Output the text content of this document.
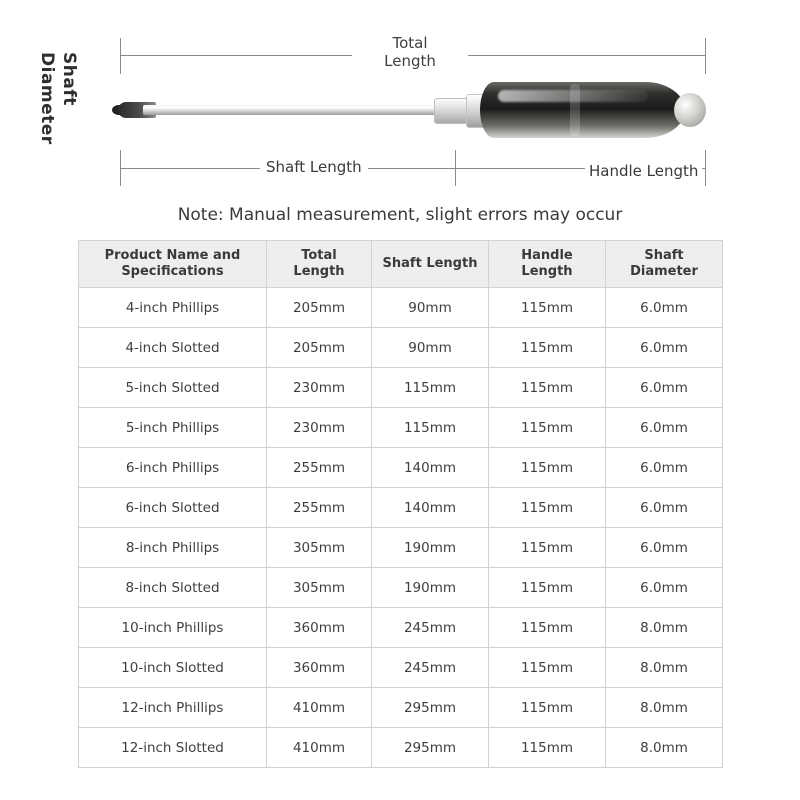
Total
Length
Shaft Length	Handle Length
Shaft Diameter
Note: Manual measurement, slight errors may occur
Product Name and
Specifications

Total
Length

Shaft Length

Handle
Length

Shaft
Diameter

4-inch Phillips	205mm	90mm	115mm	6.0mm
4-inch Slotted	205mm	90mm	115mm	6.0mm
5-inch Slotted	230mm	115mm	115mm	6.0mm
5-inch Phillips	230mm	115mm	115mm	6.0mm
6-inch Phillips	255mm	140mm	115mm	6.0mm
6-inch Slotted	255mm	140mm	115mm	6.0mm
8-inch Phillips	305mm	190mm	115mm	6.0mm
8-inch Slotted	305mm	190mm	115mm	6.0mm
10-inch Phillips	360mm	245mm	115mm	8.0mm
10-inch Slotted	360mm	245mm	115mm	8.0mm
12-inch Phillips	410mm	295mm	115mm	8.0mm
12-inch Slotted	410mm	295mm	115mm	8.0mm
